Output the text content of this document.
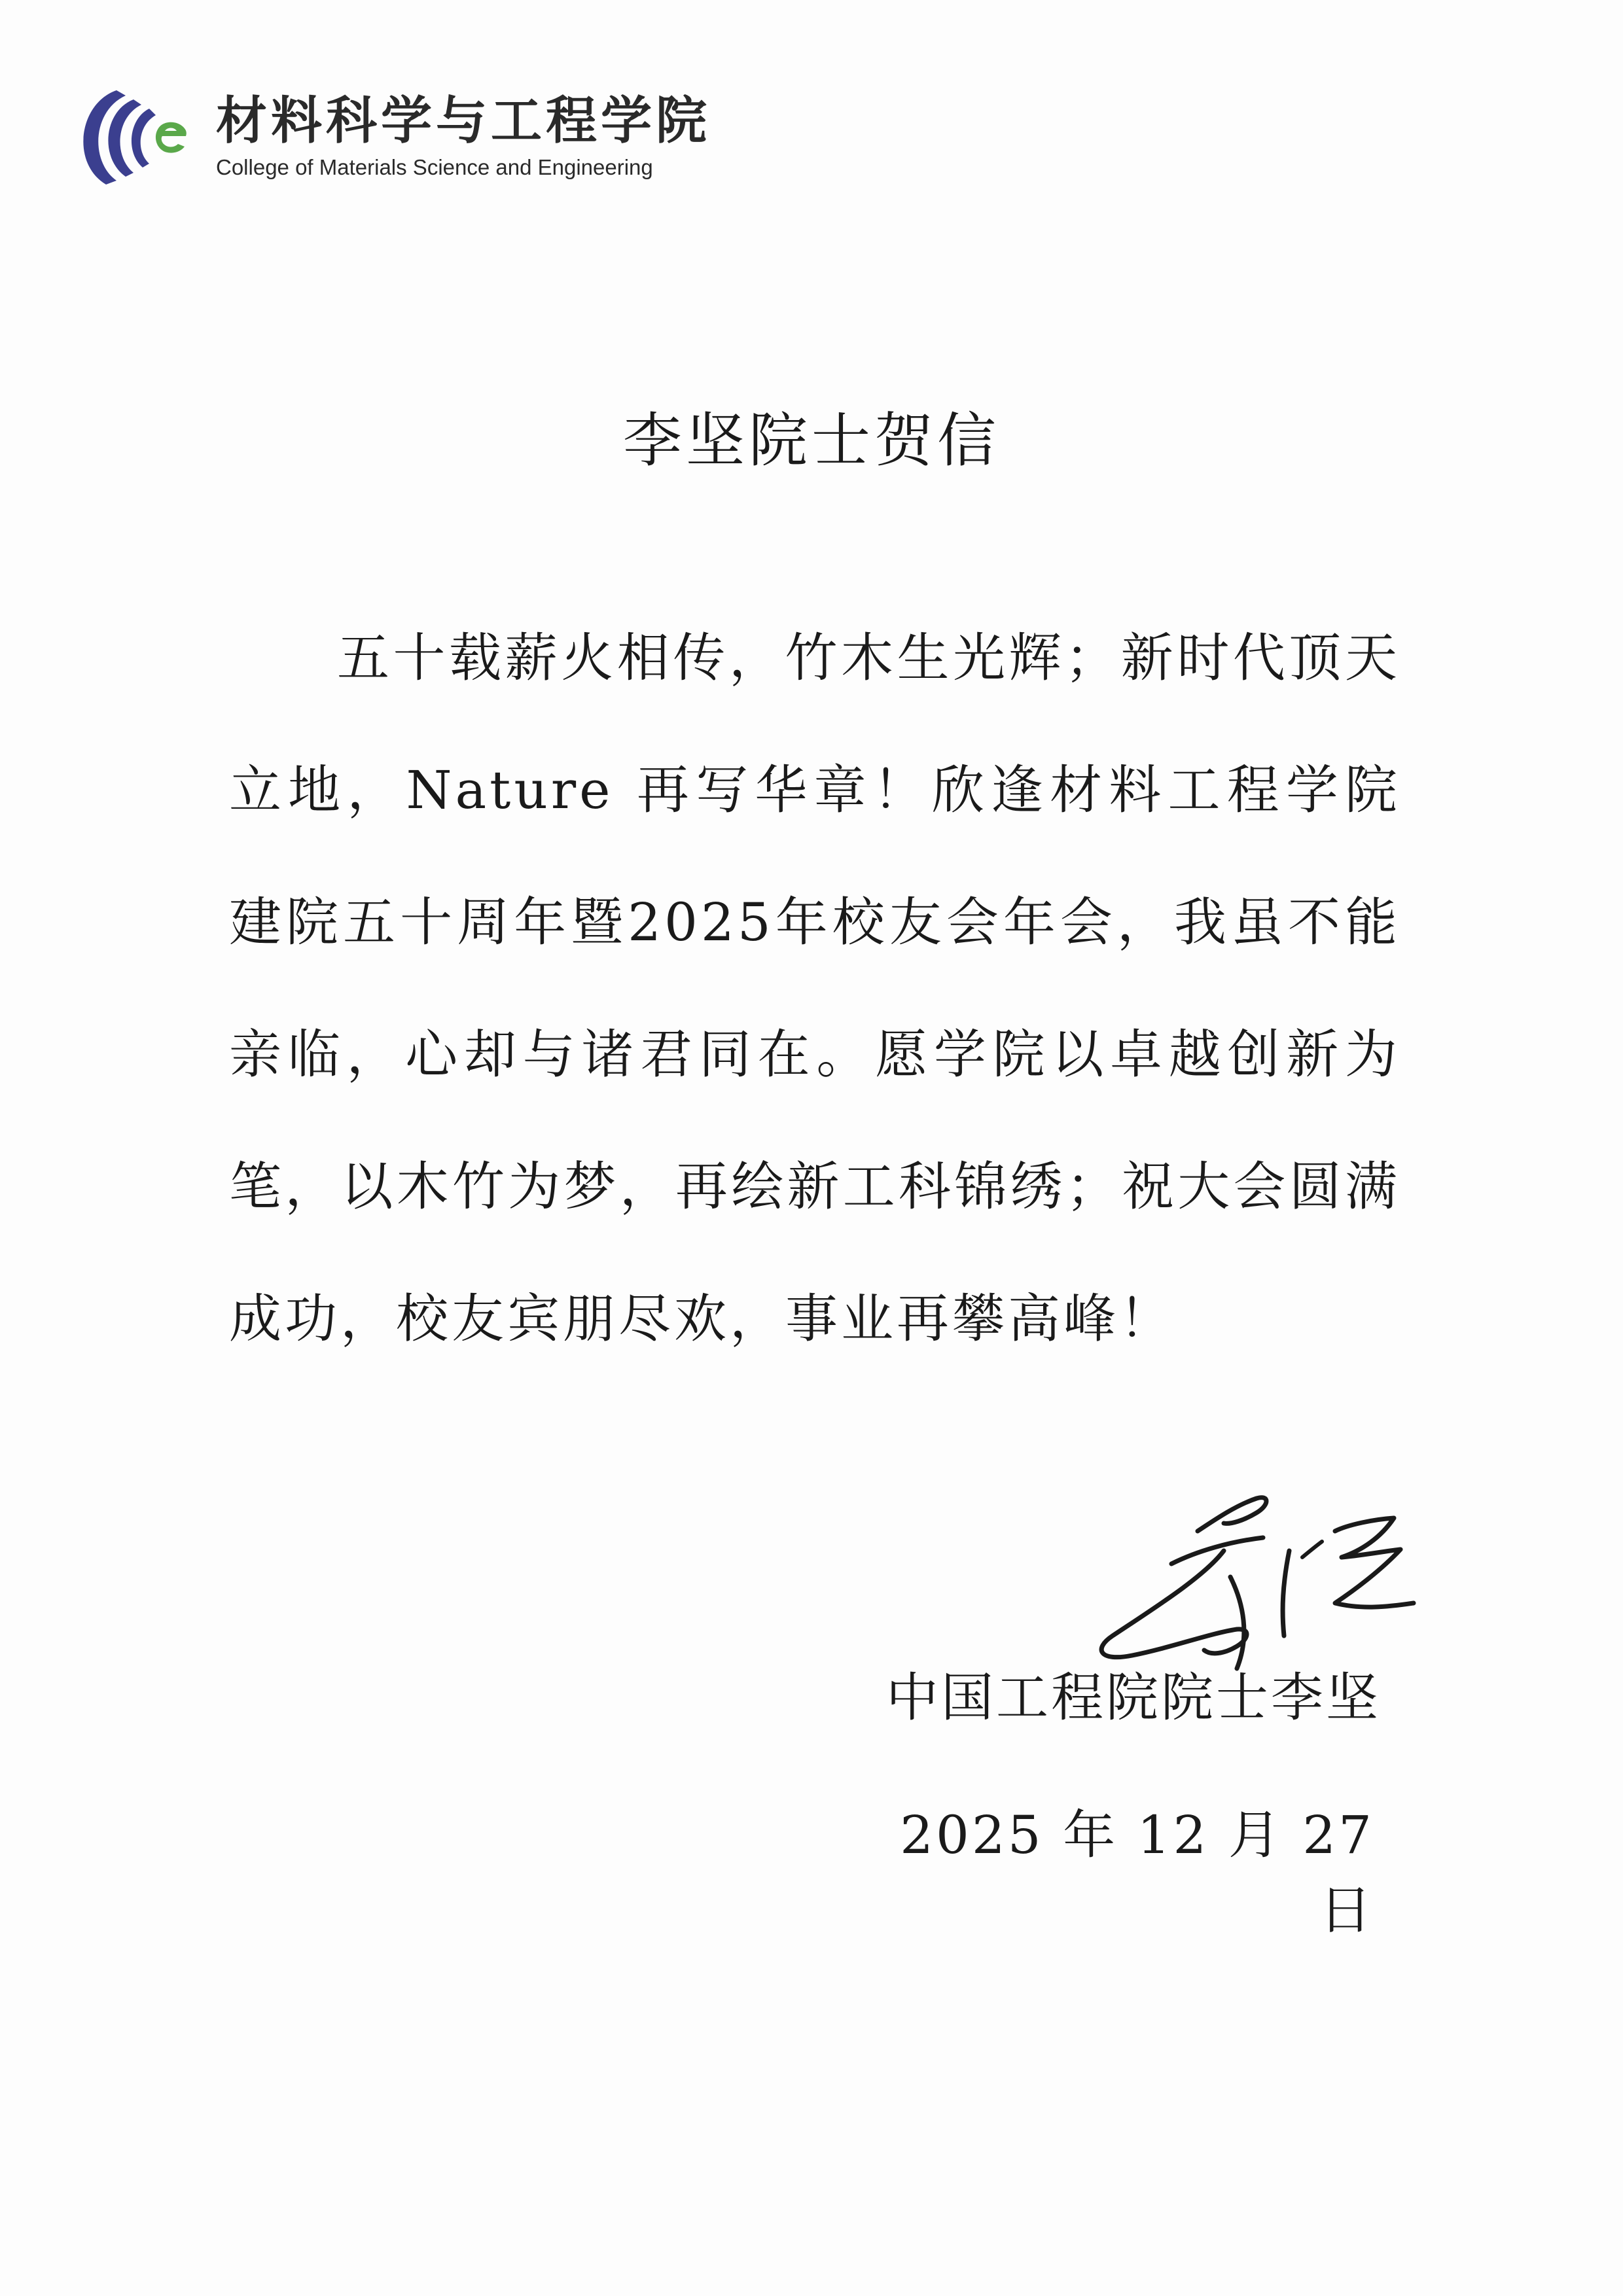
材料科学与工程学院
College of Materials Science and Engineering
李坚院士贺信

五十载薪火相传，竹木生光辉；新时代顶天立地，Nature 再写华章！欣逢材料工程学院建院五十周年暨2025年校友会年会，我虽不能亲临，心却与诸君同在。愿学院以卓越创新为笔，以木竹为梦，再绘新工科锦绣；祝大会圆满成功，校友宾朋尽欢，事业再攀高峰！

中国工程院院士李坚
2025 年 12 月 27 日
